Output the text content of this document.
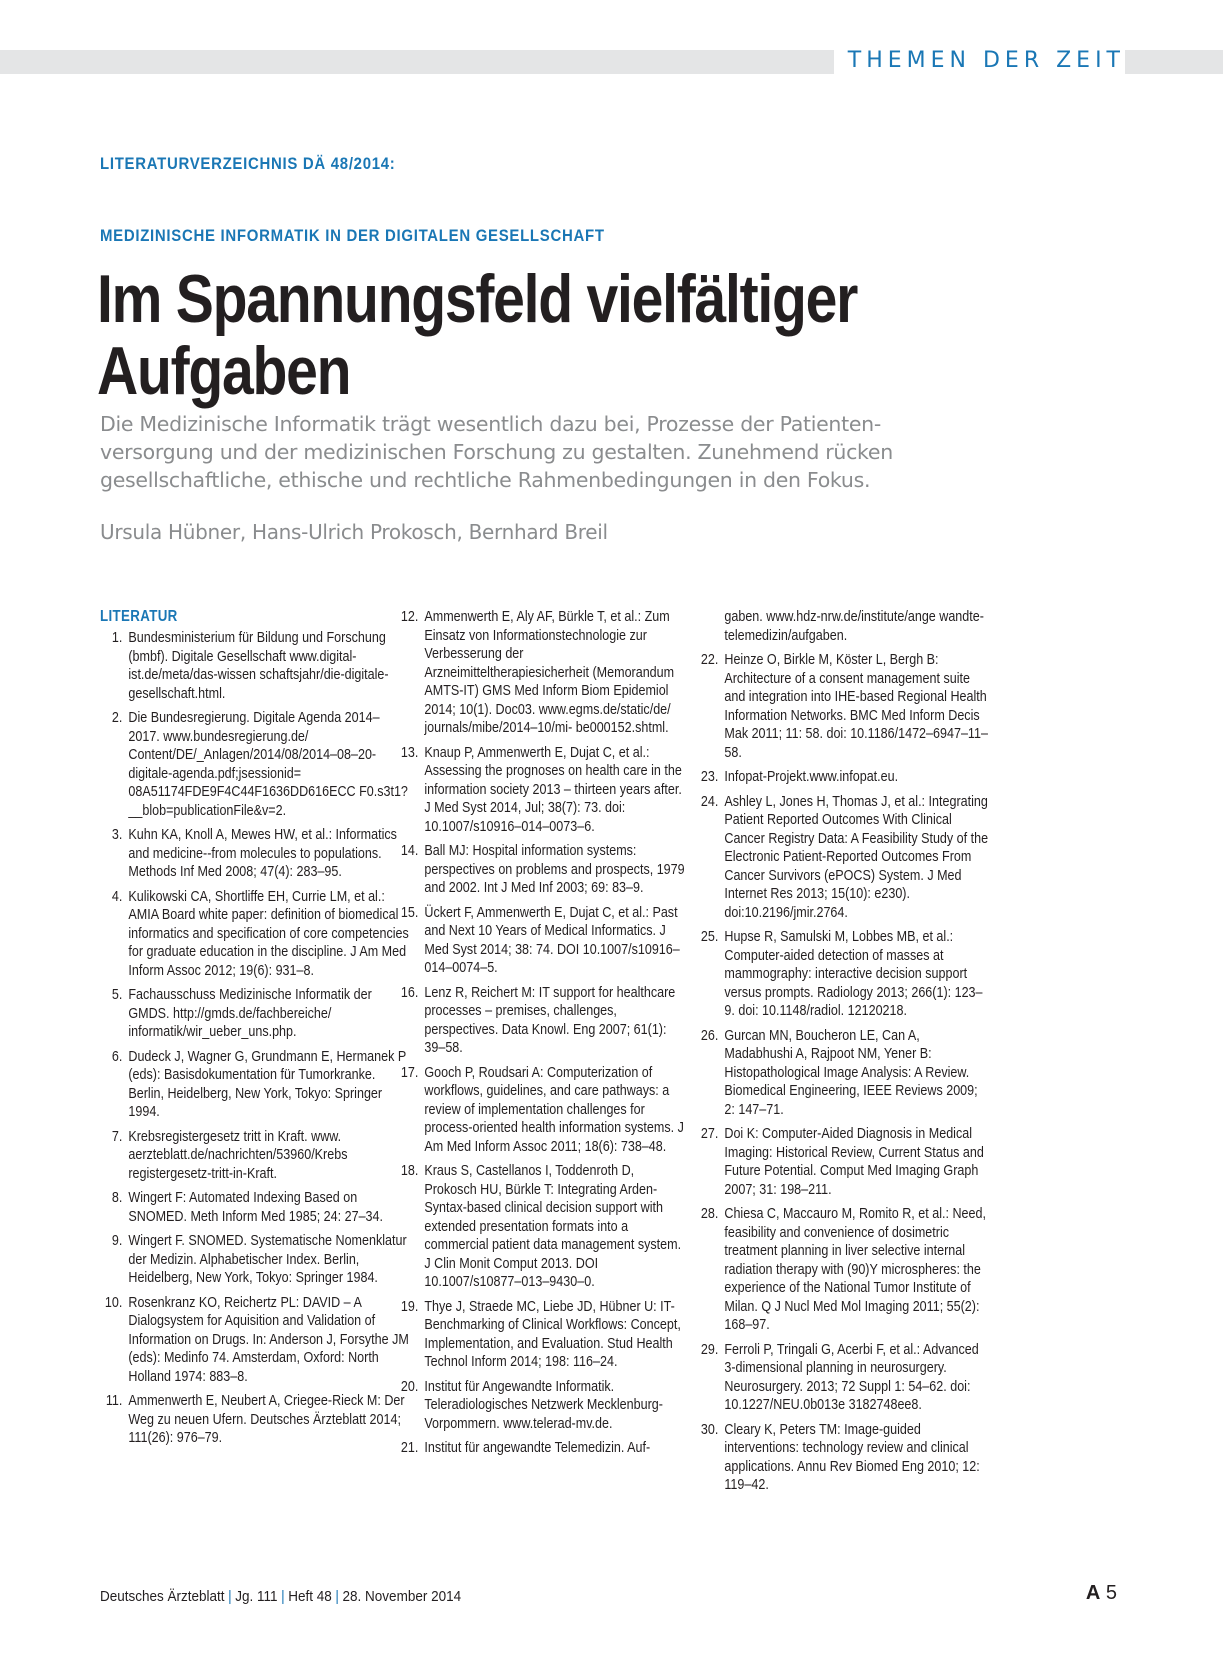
THEMEN DER ZEIT
LITERATURVERZEICHNIS DÄ 48/2014:
MEDIZINISCHE INFORMATIK IN DER DIGITALEN GESELLSCHAFT
Im Spannungsfeld vielfältiger
Aufgaben

Die Medizinische Informatik trägt wesentlich dazu bei, Prozesse der Patientenversorgung und der medizinischen Forschung zu gestalten. Zunehmend rücken gesellschaftliche, ethische und rechtliche Rahmenbedingungen in den Fokus.

Ursula Hübner, Hans-Ulrich Prokosch, Bernhard Breil

LITERATUR
1. Bundesministerium für Bildung und Forschung (bmbf). Digitale Gesellschaft www.digital-ist.de/meta/das-wissen schaftsjahr/die-digitale-gesellschaft.html.
2. Die Bundesregierung. Digitale Agenda 2014–2017. www.bundesregierung.de/ Content/DE/_Anlagen/2014/08/2014–08–20-digitale-agenda.pdf;jsessionid= 08A51174FDE9F4C44F1636DD616ECC F0.s3t1?__blob=publicationFile&v=2.
3. Kuhn KA, Knoll A, Mewes HW, et al.: Informatics and medicine--from molecules to populations. Methods Inf Med 2008; 47(4): 283–95.
4. Kulikowski CA, Shortliffe EH, Currie LM, et al.: AMIA Board white paper: definition of biomedical informatics and specification of core competencies for graduate education in the discipline. J Am Med Inform Assoc 2012; 19(6): 931–8.
5. Fachausschuss Medizinische Informatik der GMDS. http://gmds.de/fachbereiche/ informatik/wir_ueber_uns.php.
6. Dudeck J, Wagner G, Grundmann E, Hermanek P (eds): Basisdokumentation für Tumorkranke. Berlin, Heidelberg, New York, Tokyo: Springer 1994.
7. Krebsregistergesetz tritt in Kraft. www. aerzteblatt.de/nachrichten/53960/Krebs registergesetz-tritt-in-Kraft.
8. Wingert F: Automated Indexing Based on SNOMED. Meth Inform Med 1985; 24: 27–34.
9. Wingert F. SNOMED. Systematische Nomenklatur der Medizin. Alphabetischer Index. Berlin, Heidelberg, New York, Tokyo: Springer 1984.
10. Rosenkranz KO, Reichertz PL: DAVID – A Dialogsystem for Aquisition and Validation of Information on Drugs. In: Anderson J, Forsythe JM (eds): Medinfo 74. Amsterdam, Oxford: North Holland 1974: 883–8.
11. Ammenwerth E, Neubert A, Criegee-Rieck M: Der Weg zu neuen Ufern. Deutsches Ärzteblatt 2014; 111(26): 976–79.
12. Ammenwerth E, Aly AF, Bürkle T, et al.: Zum Einsatz von Informationstechnologie zur Verbesserung der Arzneimitteltherapiesicherheit (Memorandum AMTS-IT) GMS Med Inform Biom Epidemiol 2014; 10(1). Doc03. www.egms.de/static/de/ journals/mibe/2014–10/mi- be000152.shtml.
13. Knaup P, Ammenwerth E, Dujat C, et al.: Assessing the prognoses on health care in the information society 2013 – thirteen years after. J Med Syst 2014, Jul; 38(7): 73. doi: 10.1007/s10916–014–0073–6.
14. Ball MJ: Hospital information systems: perspectives on problems and prospects, 1979 and 2002. Int J Med Inf 2003; 69: 83–9.
15. Ückert F, Ammenwerth E, Dujat C, et al.: Past and Next 10 Years of Medical Informatics. J Med Syst 2014; 38: 74. DOI 10.1007/s10916–014–0074–5.
16. Lenz R, Reichert M: IT support for healthcare processes – premises, challenges, perspectives. Data Knowl. Eng 2007; 61(1): 39–58.
17. Gooch P, Roudsari A: Computerization of workflows, guidelines, and care pathways: a review of implementation challenges for process-oriented health information systems. J Am Med Inform Assoc 2011; 18(6): 738–48.
18. Kraus S, Castellanos I, Toddenroth D, Prokosch HU, Bürkle T: Integrating Arden-Syntax-based clinical decision support with extended presentation formats into a commercial patient data management system. J Clin Monit Comput 2013. DOI 10.1007/s10877–013–9430–0.
19. Thye J, Straede MC, Liebe JD, Hübner U: IT-Benchmarking of Clinical Workflows: Concept, Implementation, and Evaluation. Stud Health Technol Inform 2014; 198: 116–24.
20. Institut für Angewandte Informatik. Teleradiologisches Netzwerk Mecklenburg-Vorpommern. www.telerad-mv.de.
21. Institut für angewandte Telemedizin. Auf-
gaben. www.hdz-nrw.de/institute/ange wandte-telemedizin/aufgaben.
22. Heinze O, Birkle M, Köster L, Bergh B: Architecture of a consent management suite and integration into IHE-based Regional Health Information Networks. BMC Med Inform Decis Mak 2011; 11: 58. doi: 10.1186/1472–6947–11–58.
23. Infopat-Projekt.www.infopat.eu.
24. Ashley L, Jones H, Thomas J, et al.: Integrating Patient Reported Outcomes With Clinical Cancer Registry Data: A Feasibility Study of the Electronic Patient-Reported Outcomes From Cancer Survivors (ePOCS) System. J Med Internet Res 2013; 15(10): e230). doi:10.2196/jmir.2764.
25. Hupse R, Samulski M, Lobbes MB, et al.: Computer-aided detection of masses at mammography: interactive decision support versus prompts. Radiology 2013; 266(1): 123–9. doi: 10.1148/radiol. 12120218.
26. Gurcan MN, Boucheron LE, Can A, Madabhushi A, Rajpoot NM, Yener B: Histopathological Image Analysis: A Review. Biomedical Engineering, IEEE Reviews 2009; 2: 147–71.
27. Doi K: Computer-Aided Diagnosis in Medical Imaging: Historical Review, Current Status and Future Potential. Comput Med Imaging Graph 2007; 31: 198–211.
28. Chiesa C, Maccauro M, Romito R, et al.: Need, feasibility and convenience of dosimetric treatment planning in liver selective internal radiation therapy with (90)Y microspheres: the experience of the National Tumor Institute of Milan. Q J Nucl Med Mol Imaging 2011; 55(2): 168–97.
29. Ferroli P, Tringali G, Acerbi F, et al.: Advanced 3-dimensional planning in neurosurgery. Neurosurgery. 2013; 72 Suppl 1: 54–62. doi: 10.1227/NEU.0b013e 3182748ee8.
30. Cleary K, Peters TM: Image-guided interventions: technology review and clinical applications. Annu Rev Biomed Eng 2010; 12: 119–42.
Deutsches Ärzteblatt | Jg. 111 | Heft 48 | 28. November 2014	A 5
